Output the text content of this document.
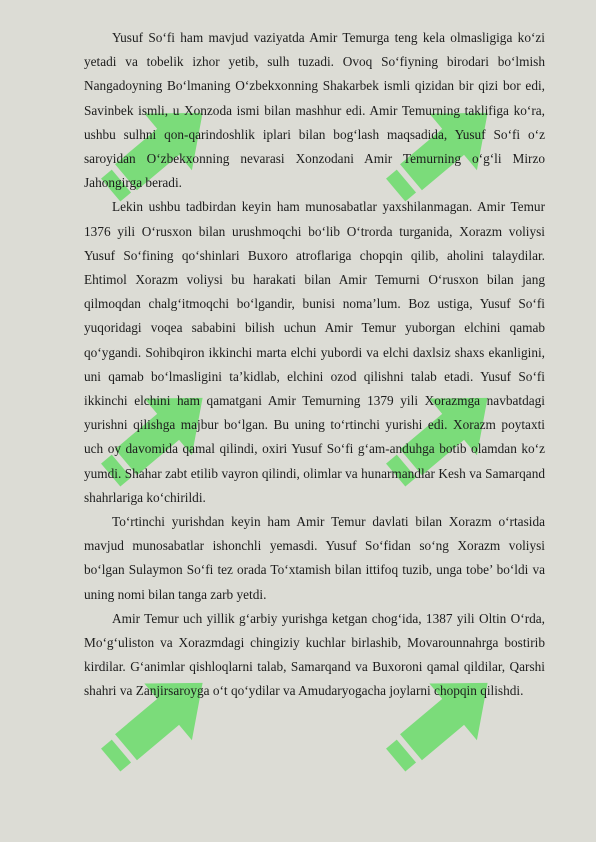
Yusuf So‘fi ham mavjud vaziyatda Amir Temurga teng kela olmasligiga ko‘zi yetadi va tobelik izhor yetib, sulh tuzadi. Ovoq So‘fiyning birodari bo‘lmish Nangadoyning Bo‘lmaning O‘zbekxonning Shakarbek ismli qizidan bir qizi bor edi, Savinbek ismli, u Xonzoda ismi bilan mashhur edi. Amir Temurning taklifiga ko‘ra, ushbu sulhni qon-qarindoshlik iplari bilan bog‘lash maqsadida, Yusuf So‘fi o‘z saroyidan O‘zbekxonning nevarasi Xonzodani Amir Temurning o‘g‘li Mirzo Jahongirga beradi.

Lekin ushbu tadbirdan keyin ham munosabatlar yaxshilanmagan. Amir Temur 1376 yili O‘rusxon bilan urushmoqchi bo‘lib O‘trorda turganida, Xorazm voliysi Yusuf So‘fining qo‘shinlari Buxoro atroflariga chopqin qilib, aholini talaydilar. Ehtimol Xorazm voliysi bu harakati bilan Amir Temurni O‘rusxon bilan jang qilmoqdan chalg‘itmoqchi bo‘lgandir, bunisi noma’lum. Boz ustiga, Yusuf So‘fi yuqoridagi voqea sababini bilish uchun Amir Temur yuborgan elchini qamab qo‘ygandi. Sohibqiron ikkinchi marta elchi yubordi va elchi daxlsiz shaxs ekanligini, uni qamab bo‘lmasligini ta’kidlab, elchini ozod qilishni talab etadi. Yusuf So‘fi ikkinchi elchini ham qamatgani Amir Temurning 1379 yili Xorazmga navbatdagi yurishni qilishga majbur bo‘lgan. Bu uning to‘rtinchi yurishi edi. Xorazm poytaxti uch oy davomida qamal qilindi, oxiri Yusuf So‘fi g‘am-anduhga botib olamdan ko‘z yumdi. Shahar zabt etilib vayron qilindi, olimlar va hunarmandlar Kesh va Samarqand shahrlariga ko‘chirildi.

To‘rtinchi yurishdan keyin ham Amir Temur davlati bilan Xorazm o‘rtasida mavjud munosabatlar ishonchli yemasdi. Yusuf So‘fidan so‘ng Xorazm voliysi bo‘lgan Sulaymon So‘fi tez orada To‘xtamish bilan ittifoq tuzib, unga tobe’ bo‘ldi va uning nomi bilan tanga zarb yetdi.

Amir Temur uch yillik g‘arbiy yurishga ketgan chog‘ida, 1387 yili Oltin O‘rda, Mo‘g‘uliston va Xorazmdagi chingiziy kuchlar birlashib, Movarounnahrga bostirib kirdilar. G‘animlar qishloqlarni talab, Samarqand va Buxoroni qamal qildilar, Qarshi shahri va Zanjirsaroyga o‘t qo‘ydilar va Amudaryogacha joylarni chopqin qilishdi.
